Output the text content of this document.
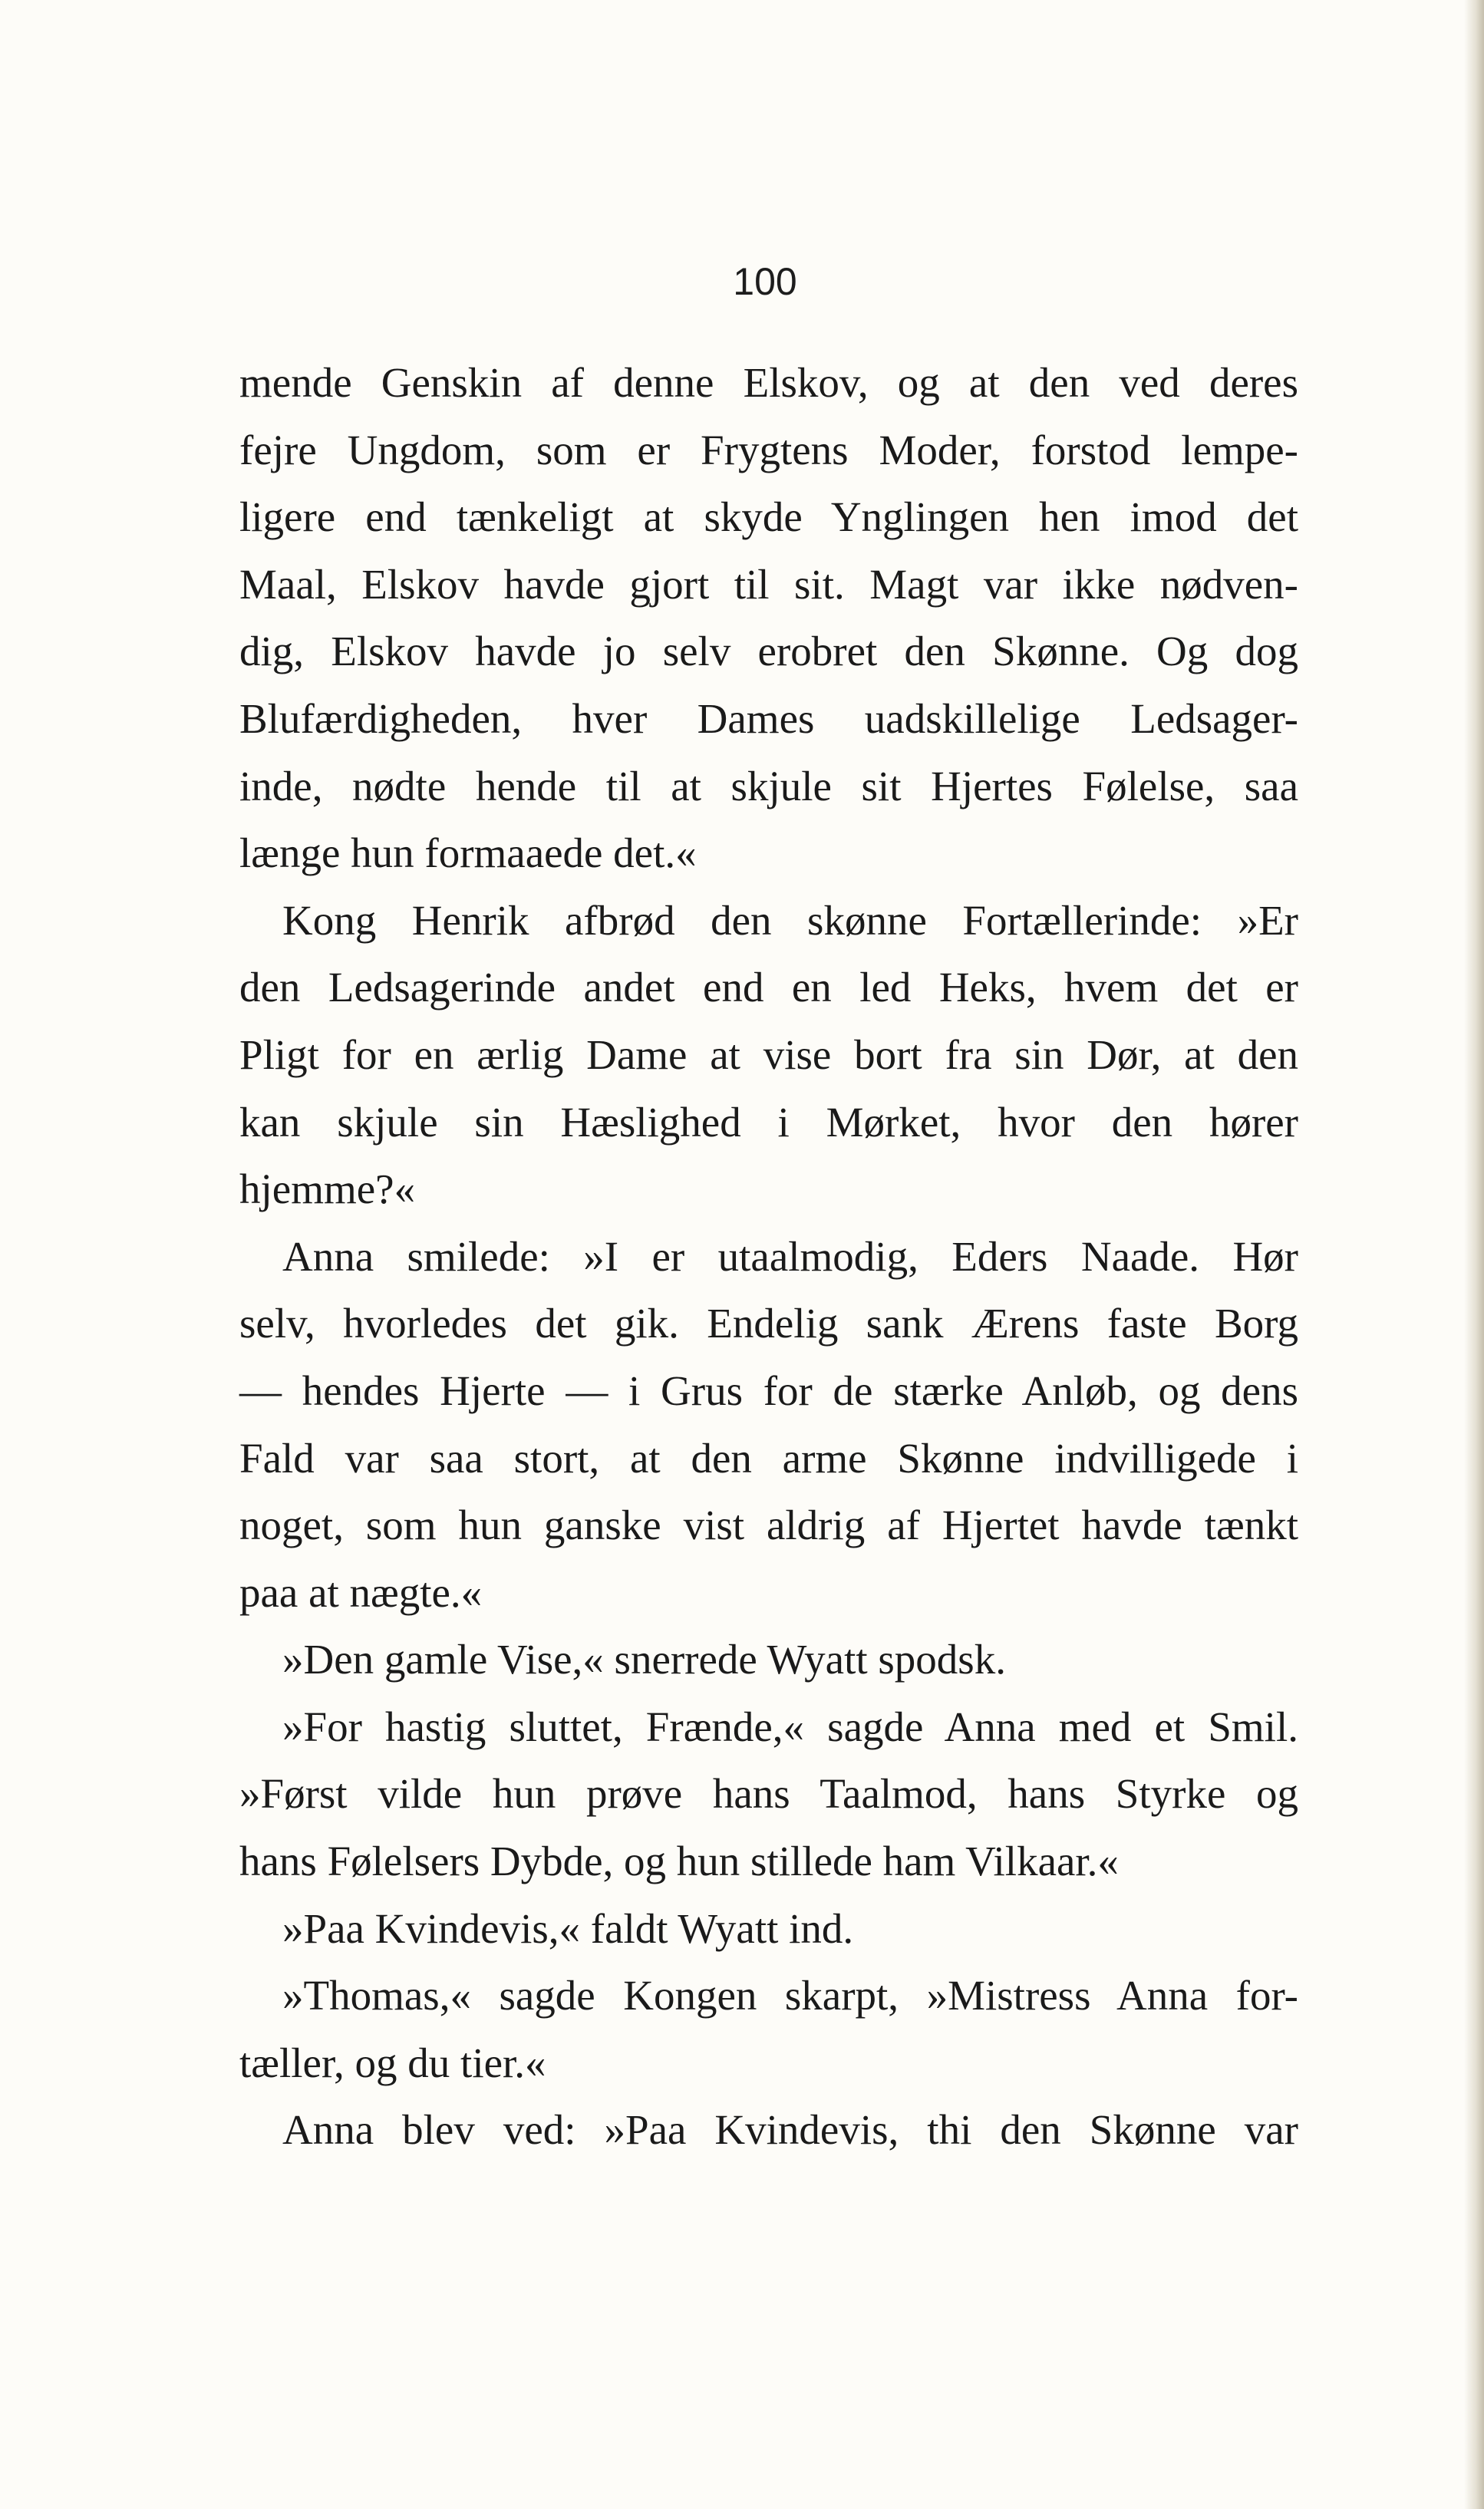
100
mende Genskin af denne Elskov, og at den ved deres
fejre Ungdom, som er Frygtens Moder, forstod lempe-
ligere end tænkeligt at skyde Ynglingen hen imod det
Maal, Elskov havde gjort til sit. Magt var ikke nødven-
dig, Elskov havde jo selv erobret den Skønne. Og dog
Blufærdigheden, hver Dames uadskillelige Ledsager-
inde, nødte hende til at skjule sit Hjertes Følelse, saa
længe hun formaaede det.«
Kong Henrik afbrød den skønne Fortællerinde: »Er
den Ledsagerinde andet end en led Heks, hvem det er
Pligt for en ærlig Dame at vise bort fra sin Dør, at den
kan skjule sin Hæslighed i Mørket, hvor den hører
hjemme?«
Anna smilede: »I er utaalmodig, Eders Naade. Hør
selv, hvorledes det gik. Endelig sank Ærens faste Borg
— hendes Hjerte — i Grus for de stærke Anløb, og dens
Fald var saa stort, at den arme Skønne indvilligede i
noget, som hun ganske vist aldrig af Hjertet havde tænkt
paa at nægte.«
»Den gamle Vise,« snerrede Wyatt spodsk.
»For hastig sluttet, Frænde,« sagde Anna med et Smil.
»Først vilde hun prøve hans Taalmod, hans Styrke og
hans Følelsers Dybde, og hun stillede ham Vilkaar.«
»Paa Kvindevis,« faldt Wyatt ind.
»Thomas,« sagde Kongen skarpt, »Mistress Anna for-
tæller, og du tier.«
Anna blev ved: »Paa Kvindevis, thi den Skønne var
